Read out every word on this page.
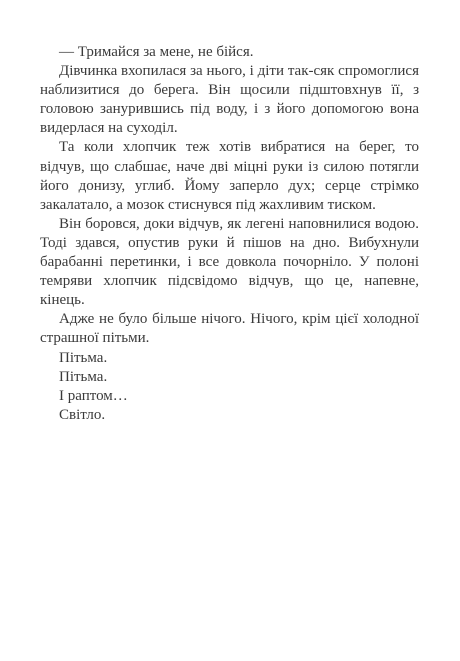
— Тримайся за мене, не бійся.

Дівчинка вхопилася за нього, і діти так-сяк спромоглися наблизитися до берега. Він щосили підштовхнув її, з головою занурившись під воду, і з його допомогою вона видерлася на суходіл.

Та коли хлопчик теж хотів вибратися на берег, то відчув, що слабшає, наче дві міцні руки із силою потягли його донизу, углиб. Йому заперло дух; серце стрімко закалатало, а мозок стиснувся під жахливим тиском.

Він боровся, доки відчув, як легені наповнилися водою. Тоді здався, опустив руки й пішов на дно. Вибухнули барабанні перетинки, і все довкола почорніло. У полоні темряви хлопчик підсвідомо відчув, що це, напевне, кінець.

Адже не було більше нічого. Нічого, крім цієї холодної страшної пітьми.

Пітьма.

Пітьма.

І раптом…

Світло.
